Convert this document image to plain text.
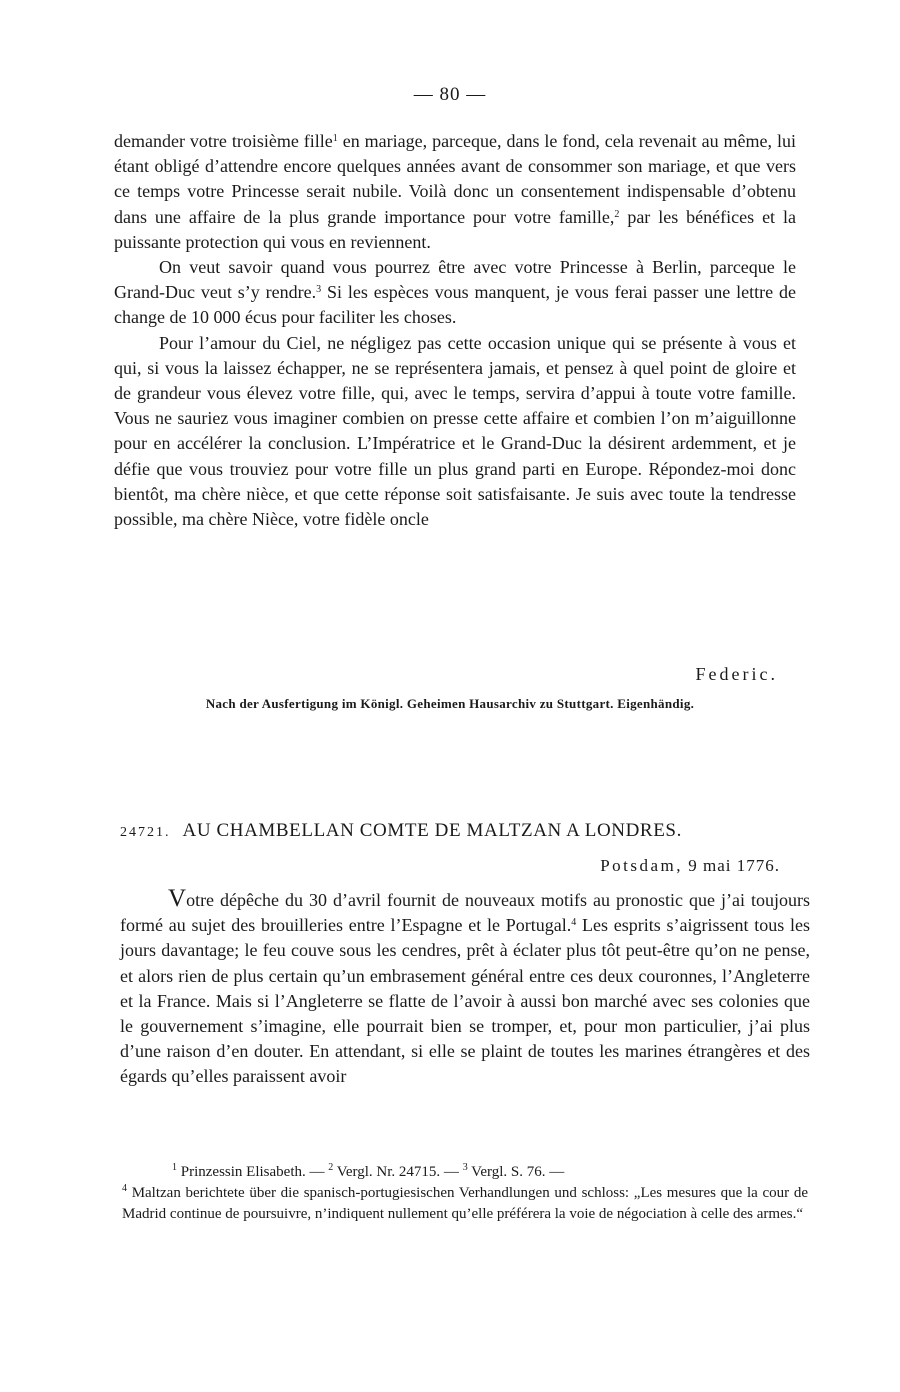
— 80 —

demander votre troisième fille$^1$ en mariage, parceque, dans le fond, cela revenait au même, lui étant obligé d’attendre encore quelques années avant de consommer son mariage, et que vers ce temps votre Princesse serait nubile. Voilà donc un consentement indispensable d’obtenu dans une affaire de la plus grande importance pour votre famille,$^2$ par les bénéfices et la puissante protection qui vous en reviennent.

On veut savoir quand vous pourrez être avec votre Princesse à Berlin, parceque le Grand-Duc veut s’y rendre.$^3$ Si les espèces vous manquent, je vous ferai passer une lettre de change de 10 000 écus pour faciliter les choses.

Pour l’amour du Ciel, ne négligez pas cette occasion unique qui se présente à vous et qui, si vous la laissez échapper, ne se représentera jamais, et pensez à quel point de gloire et de grandeur vous élevez votre fille, qui, avec le temps, servira d’appui à toute votre famille. Vous ne sauriez vous imaginer combien on presse cette affaire et combien l’on m’aiguillonne pour en accélérer la conclusion. L’Impératrice et le Grand-Duc la désirent ardemment, et je défie que vous trouviez pour votre fille un plus grand parti en Europe. Répondez-moi donc bientôt, ma chère nièce, et que cette réponse soit satisfaisante. Je suis avec toute la tendresse possible, ma chère Nièce, votre fidèle oncle

Federic.
Nach der Ausfertigung im Königl. Geheimen Hausarchiv zu Stuttgart. Eigenhändig.
24721. AU CHAMBELLAN COMTE DE MALTZAN A LONDRES.
Potsdam, 9 mai 1776.

Votre dépêche du 30 d’avril fournit de nouveaux motifs au pronostic que j’ai toujours formé au sujet des brouilleries entre l’Espagne et le Portugal.$^4$ Les esprits s’aigrissent tous les jours davantage; le feu couve sous les cendres, prêt à éclater plus tôt peut-être qu’on ne pense, et alors rien de plus certain qu’un embrasement général entre ces deux couronnes, l’Angleterre et la France. Mais si l’Angleterre se flatte de l’avoir à aussi bon marché avec ses colonies que le gouvernement s’imagine, elle pourrait bien se tromper, et, pour mon particulier, j’ai plus d’une raison d’en douter. En attendant, si elle se plaint de toutes les marines étrangères et des égards qu’elles paraissent avoir

$^1$ Prinzessin Elisabeth. — $^2$ Vergl. Nr. 24715. — $^3$ Vergl. S. 76. —

$^4$ Maltzan berichtete über die spanisch-portugiesischen Verhandlungen und schloss: „Les mesures que la cour de Madrid continue de poursuivre, n’indiquent nullement qu’elle préférera la voie de négociation à celle des armes.“
